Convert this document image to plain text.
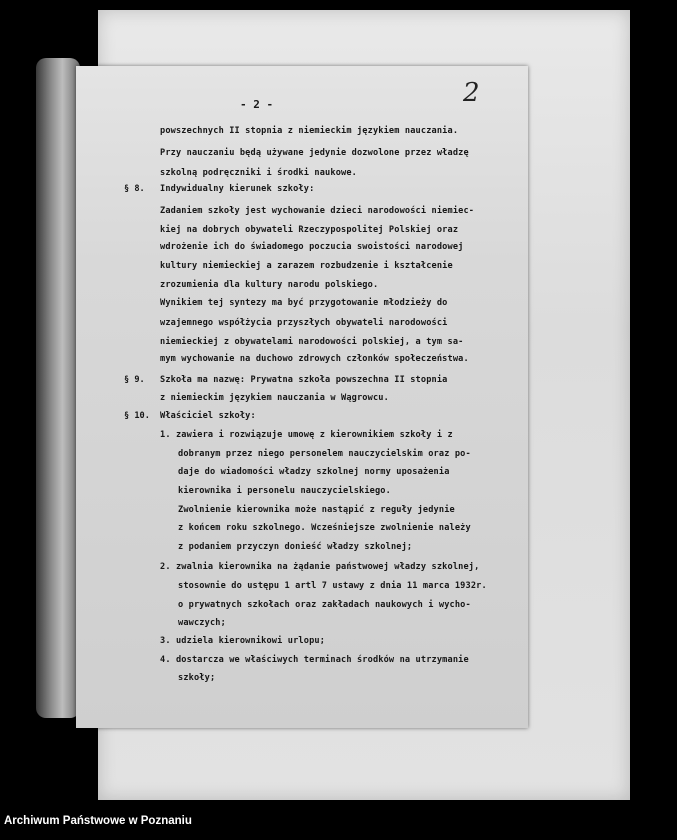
- 2 -	2
powszechnych II stopnia z niemieckim językiem nauczania.
Przy nauczaniu będą używane jedynie dozwolone przez władzę
szkolną podręczniki i środki naukowe.
§ 8. Indywidualny kierunek szkoły:
Zadaniem szkoły jest wychowanie dzieci narodowości niemiec-
kiej na dobrych obywateli Rzeczypospolitej Polskiej oraz
wdrożenie ich do świadomego poczucia swoistości narodowej
kultury niemieckiej a zarazem rozbudzenie i kształcenie
zrozumienia dla kultury narodu polskiego.
Wynikiem tej syntezy ma być przygotowanie młodzieży do
wzajemnego współżycia przyszłych obywateli narodowości
niemieckiej z obywatelami narodowości polskiej, a tym sa-
mym wychowanie na duchowo zdrowych członków społeczeństwa.
§ 9. Szkoła ma nazwę: Prywatna szkoła powszechna II stopnia
z niemieckim językiem nauczania w Wągrowcu.
§ 10. Właściciel szkoły:
1. zawiera i rozwiązuje umowę z kierownikiem szkoły i z
dobranym przez niego personelem nauczycielskim oraz po-
daje do wiadomości władzy szkolnej normy uposażenia
kierownika i personelu nauczycielskiego.
Zwolnienie kierownika może nastąpić z reguły jedynie
z końcem roku szkolnego. Wcześniejsze zwolnienie należy
z podaniem przyczyn donieść władzy szkolnej;
2. zwalnia kierownika na żądanie państwowej władzy szkolnej,
stosownie do ustępu 1 artl 7 ustawy z dnia 11 marca 1932r.
o prywatnych szkołach oraz zakładach naukowych i wycho-
wawczych;
3. udziela kierownikowi urlopu;
4. dostarcza we właściwych terminach środków na utrzymanie
szkoły;
Archiwum Państwowe w Poznaniu
